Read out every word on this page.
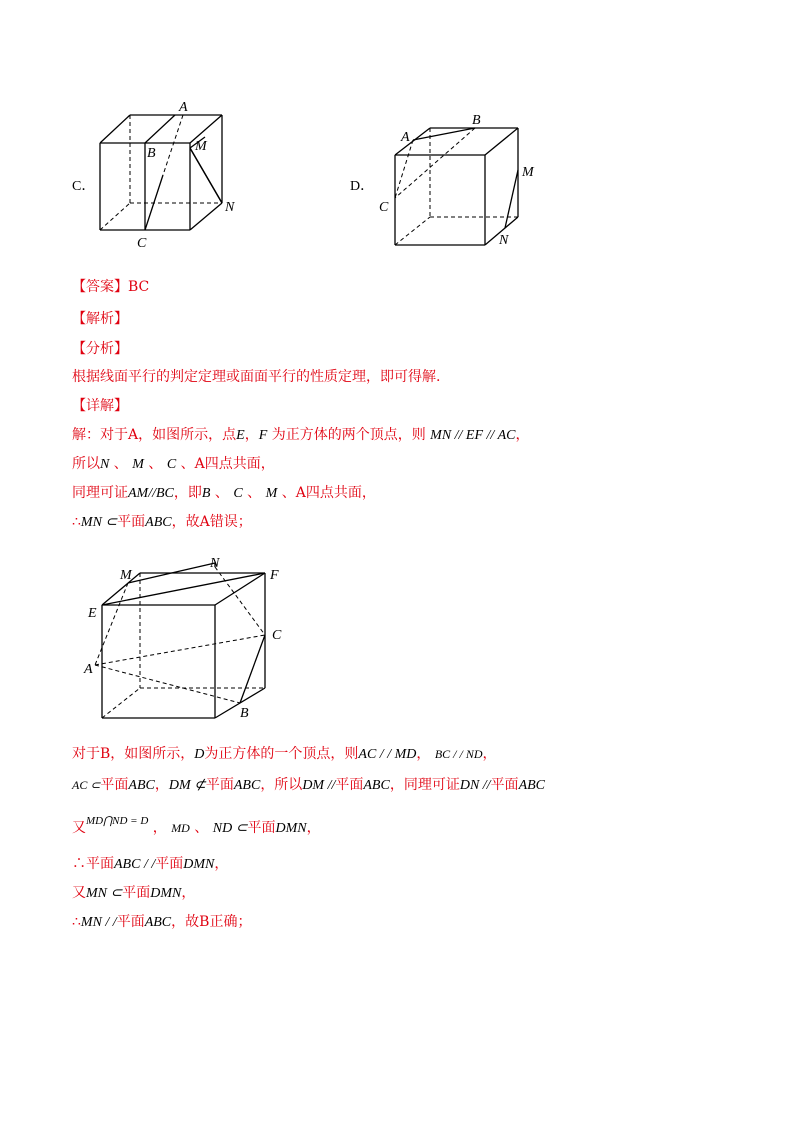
C．
A
B	M
N
C
D．
A
B
M
C
N
【答案】BC
【解析】
【分析】
根据线面平行的判定定理或面面平行的性质定理，即可得解.
【详解】
解：对于A，如图所示，点E，F 为正方体的两个顶点，则 MN // EF // AC，
所以N 、 M 、 C 、A四点共面，
同理可证AM//BC，即B 、 C 、 M 、A四点共面，
∴MN ⊂平面ABC，故A错误；
M
N
F
E
C
A
B
对于B，如图所示，D为正方体的一个顶点，则AC / / MD， BC / / ND，
AC ⊂平面ABC，DM ⊄平面ABC，所以DM //平面ABC，同理可证DN //平面ABC
又$^{MD⋂ND = D}$ ， MD 、 ND ⊂平面DMN，
∴平面ABC / /平面DMN，
又MN ⊂平面DMN，
∴MN / /平面ABC，故B正确；
